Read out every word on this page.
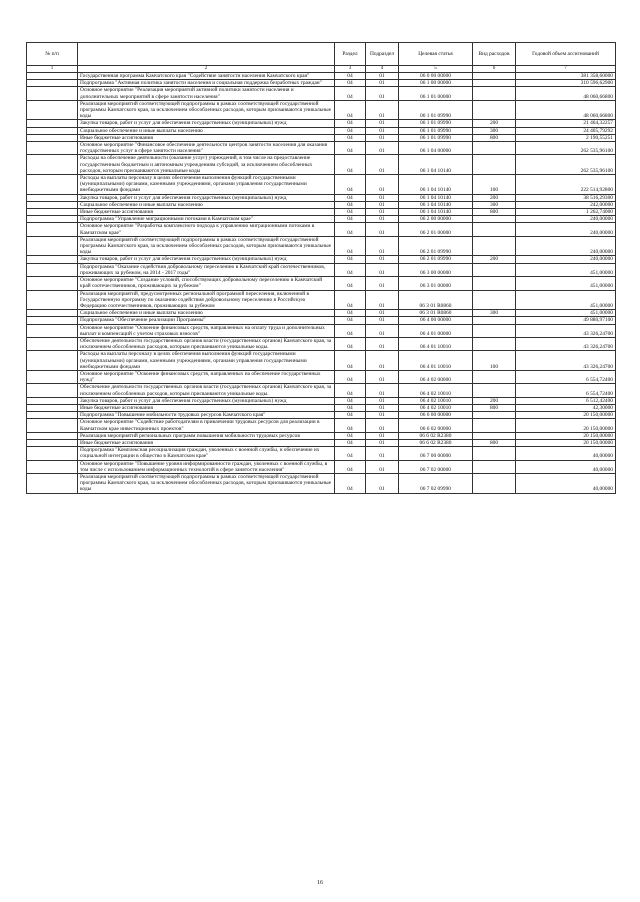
№ п/п		Раздел	Подраздел	Целевая статья	Вид расходов	Годовой объем ассигнований
1	2	3	4	5	6	7
	Государственная программа Камчатского края "Содействие занятости населения Камчатского края"	04	01	06 0 00 00000		381 358,60000
	Подпрограмма "Активная политика занятости населения и социальная поддержка безработных граждан"	04	01	06 1 00 00000		310 596,62900
	Основное мероприятие "Реализация мероприятий активной политики занятости населения и дополнительных мероприятий в сфере занятости населения"	04	01	06 1 01 00000		48 060,66800
	Реализация мероприятий соответствующей подпрограммы в рамках соответствующей государственной программы Камчатского края, за исключением обособленных расходов, которым присваиваются уникальные коды	04	01	06 1 01 09990		48 060,66800
	Закупка товаров, работ и услуг для обеспечения государственных (муниципальных) нужд	04	01	06 1 01 09990	200	21 464,32257
	Социальное обеспечение и иные выплаты населению	04	01	06 1 01 09990	300	24 405,79292
	Иные бюджетные ассигнования	04	01	06 1 01 09990	800	2 190,55251
	Основное мероприятие "Финансовое обеспечение деятельности центров занятости населения для оказания государственных услуг в сфере занятости населения"	04	01	06 1 04 00000		262 535,96100
	Расходы на обеспечение деятельности (оказание услуг) учреждений, в том числе на предоставление государственным бюджетным и автономным учреждениям субсидий, за исключением обособленных расходов, которым присваиваются уникальные коды	04	01	06 1 04 10140		262 535,96100
	Расходы на выплаты персоналу в целях обеспечения выполнения функций государственными (муниципальными) органами, казенными учреждениями, органами управления государственными внебюджетными фондами	04	01	06 1 04 10140	100	222 514,92800
	Закупка товаров, работ и услуг для обеспечения государственных (муниципальных) нужд	04	01	06 1 04 10140	200	38 516,29300
	Социальное обеспечение и иные выплаты населению	04	01	06 1 04 10140	300	242,00000
	Иные бюджетные ассигнования	04	01	06 1 04 10140	800	1 262,74000
	Подпрограмма "Управление миграционными потоками в Камчатском крае"	04	01	06 2 00 00000		240,00000
	Основное мероприятие "Разработка комплексного подхода к управлению миграционными потоками в Камчатском крае"	04	01	06 2 01 00000		240,00000
	Реализация мероприятий соответствующей подпрограммы в рамках соответствующей государственной программы Камчатского края, за исключением обособленных расходов, которым присваиваются уникальные коды	04	01	06 2 01 09990		240,00000
	Закупка товаров, работ и услуг для обеспечения государственных (муниципальных) нужд	04	01	06 2 01 09990	200	240,00000
	Подпрограмма "Оказание содействия добровольному переселению в Камчатский край соотечественников, проживающих за рубежом, на 2014 - 2017 годы"	04	01	06 3 00 00000		451,00000
	Основное мероприятие "Создание условий, способствующих добровольному переселению в Камчатский край соотечественников, проживающих за рубежом"	04	01	06 3 01 00000		451,00000
	Реализация мероприятий, предусмотренных региональной программой переселения, включенной в Государственную программу по оказанию содействия добровольному переселению в Российскую Федерацию соотечественников, проживающих за рубежом	04	01	06 3 01 R0860		451,00000
	Социальное обеспечение и иные выплаты населению	04	01	06 3 01 R0860	300	451,00000
	Подпрограмма "Обеспечение реализации Программы"	04	01	06 4 00 00000		49 880,97100
	Основное мероприятие "Освоение финансовых средств, направленных на оплату труда и дополнительных выплат и компенсаций с учетом страховых взносов"	04	01	06 4 01 00000		43 326,24700
	Обеспечение деятельности государственных органов власти (государственных органов) Камчатского края, за исключением обособленных расходов, которым присваиваются уникальные коды.	04	01	06 4 01 10010		43 326,24700
	Расходы на выплаты персоналу в целях обеспечения выполнения функций государственными (муниципальными) органами, казенными учреждениями, органами управления государственными внебюджетными фондами	04	01	06 4 01 10010	100	43 326,24700
	Основное мероприятие "Освоение финансовых средств, направленных на обеспечение государственных нужд"	04	01	06 4 02 00000		6 554,72400
	Обеспечение деятельности государственных органов власти (государственных органов) Камчатского края, за исключением обособленных расходов, которым присваиваются уникальные коды.	04	01	06 4 02 10010		6 554,72400
	Закупка товаров, работ и услуг для обеспечения государственных (муниципальных) нужд	04	01	06 4 02 10010	200	6 512,42400
	Иные бюджетные ассигнования	04	01	06 4 02 10010	800	42,30000
	Подпрограмма "Повышение мобильности трудовых ресурсов Камчатского края"	04	01	06 6 00 00000		20 150,00000
	Основное мероприятие "Содействие работодателям в привлечении трудовых ресурсов для реализации в Камчатском крае инвестиционных проектов"	04	01	06 6 02 00000		20 150,00000
	Реализация мероприятий региональных программ повышения мобильности трудовых ресурсов	04	01	06 6 02 R2380		20 150,00000
	Иные бюджетные ассигнования	04	01	06 6 02 R2380	800	20 150,00000
	Подпрограмма "Комплексная ресоциализация граждан, уволенных с военной службы, и обеспечение их социальной интеграции в общество в Камчатском крае"	04	01	06 7 00 00000		40,00000
	Основное мероприятие "Повышение уровня информированности граждан, уволенных с военной службы, в том числе с использованием информационных технологий в сфере занятости населения"	04	01	06 7 02 00000		40,00000
	Реализация мероприятий соответствующей подпрограммы в рамках соответствующей государственной программы Камчатского края, за исключением обособленных расходов, которым присваиваются уникальные коды	04	01	06 7 02 09990		40,00000
16
